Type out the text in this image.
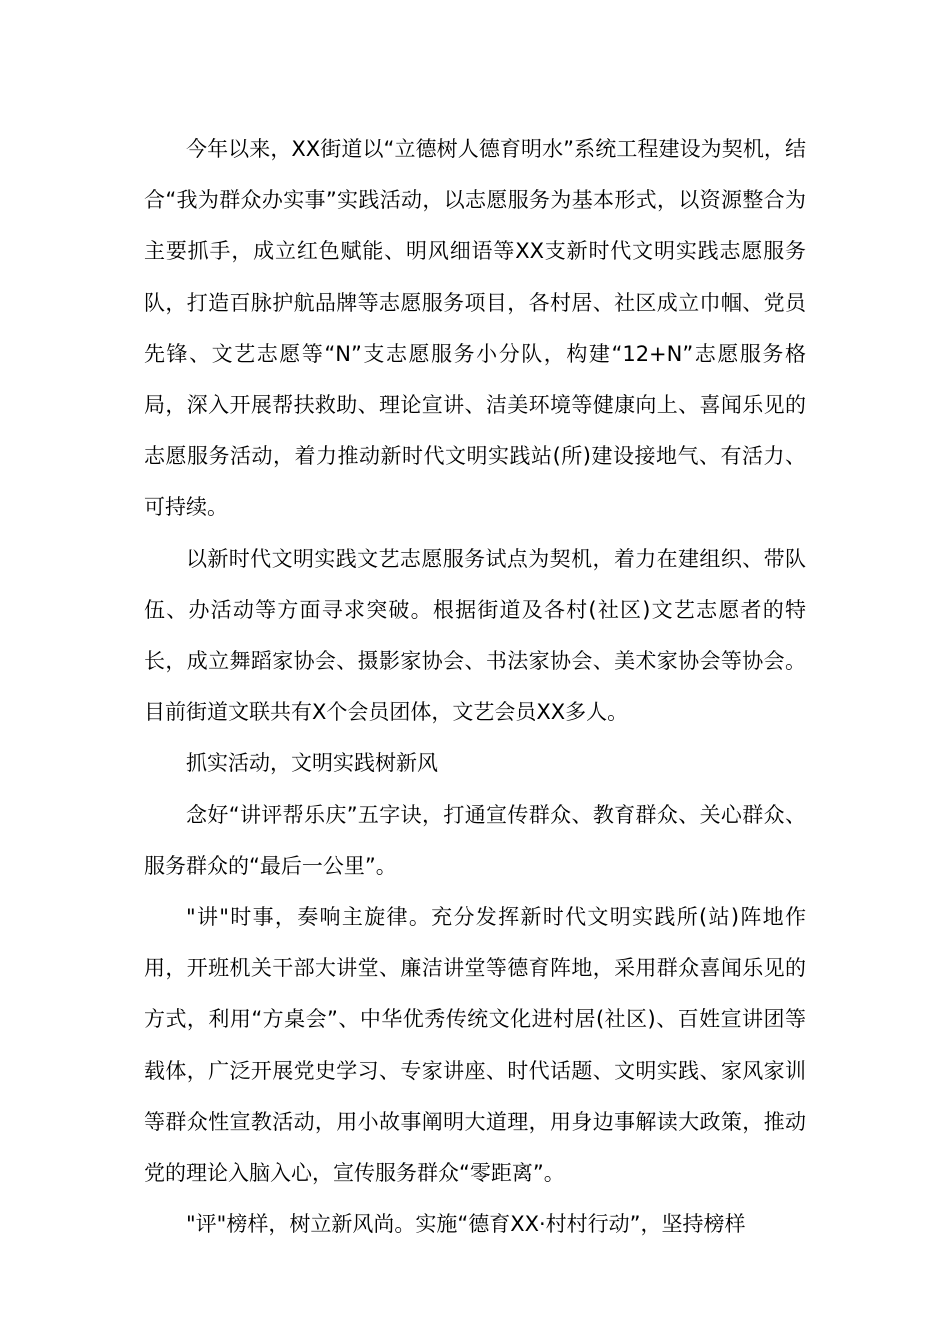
今年以来，XX街道以“立德树人德育明水”系统工程建设为契机，结合“我为群众办实事”实践活动，以志愿服务为基本形式，以资源整合为主要抓手，成立红色赋能、明风细语等XX支新时代文明实践志愿服务队，打造百脉护航品牌等志愿服务项目，各村居、社区成立巾帼、党员先锋、文艺志愿等“N”支志愿服务小分队，构建“12+N”志愿服务格局，深入开展帮扶救助、理论宣讲、洁美环境等健康向上、喜闻乐见的志愿服务活动，着力推动新时代文明实践站(所)建设接地气、有活力、可持续。

以新时代文明实践文艺志愿服务试点为契机，着力在建组织、带队伍、办活动等方面寻求突破。根据街道及各村(社区)文艺志愿者的特长，成立舞蹈家协会、摄影家协会、书法家协会、美术家协会等协会。目前街道文联共有X个会员团体，文艺会员XX多人。

抓实活动，文明实践树新风

念好“讲评帮乐庆”五字诀，打通宣传群众、教育群众、关心群众、服务群众的“最后一公里”。

"讲"时事，奏响主旋律。充分发挥新时代文明实践所(站)阵地作用，开班机关干部大讲堂、廉洁讲堂等德育阵地，采用群众喜闻乐见的方式，利用“方桌会”、中华优秀传统文化进村居(社区)、百姓宣讲团等载体，广泛开展党史学习、专家讲座、时代话题、文明实践、家风家训等群众性宣教活动，用小故事阐明大道理，用身边事解读大政策，推动党的理论入脑入心，宣传服务群众“零距离”。

"评"榜样，树立新风尚。实施“德育XX·村村行动”，坚持榜样
